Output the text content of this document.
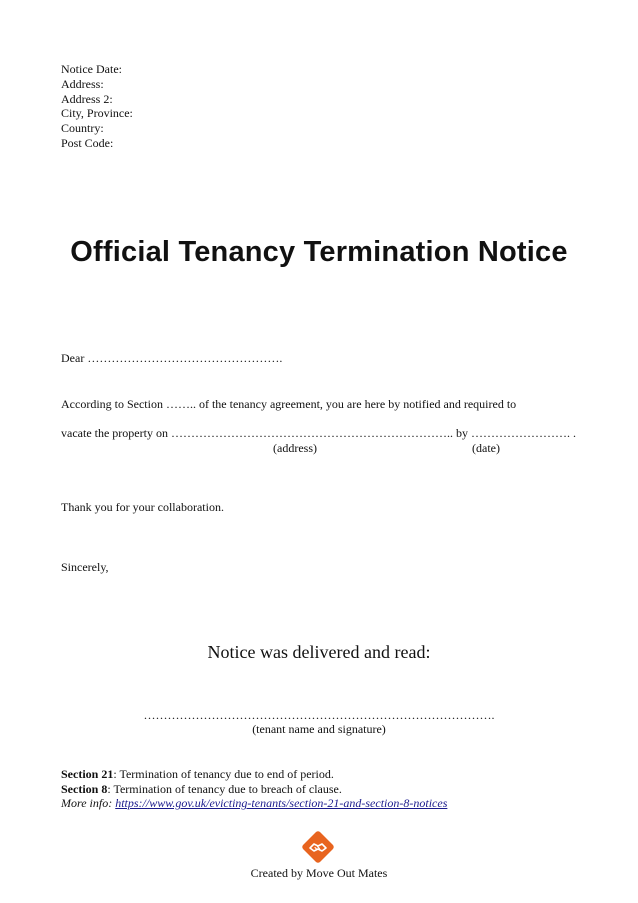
Notice Date:
Address:
Address 2:
City, Province:
Country:
Post Code:
Official Tenancy Termination Notice
Dear ………………………………………….
According to Section …….. of the tenancy agreement, you are here by notified and required to
vacate the property on …………………………………………………………….. by ……………………. .
(address)	(date)
Thank you for your collaboration.
Sincerely,
Notice was delivered and read:
…………………………………………………………………………….
(tenant name and signature)
Section 21: Termination of tenancy due to end of period.
Section 8: Termination of tenancy due to breach of clause.
More info: https://www.gov.uk/evicting-tenants/section-21-and-section-8-notices
Created by Move Out Mates
